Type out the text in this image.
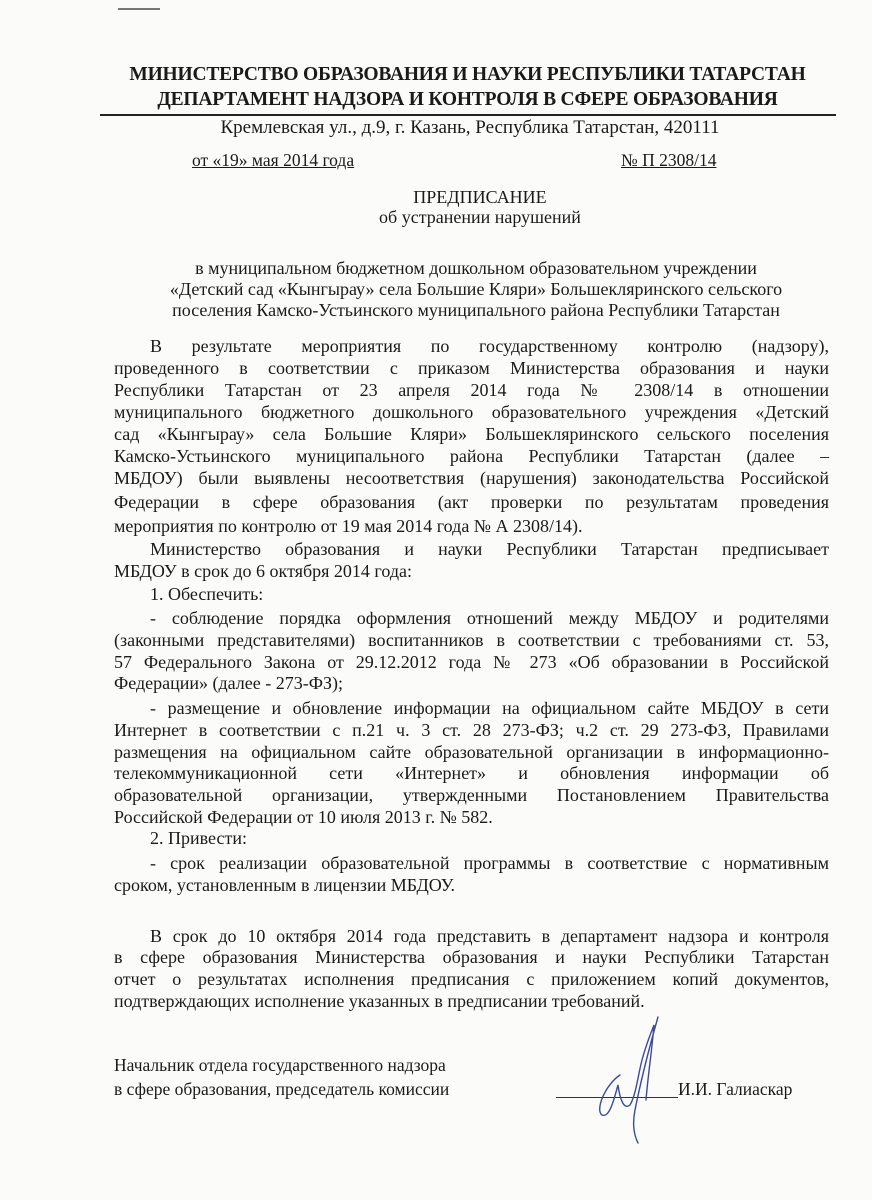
МИНИСТЕРСТВО ОБРАЗОВАНИЯ И НАУКИ РЕСПУБЛИКИ ТАТАРСТАН
ДЕПАРТАМЕНТ НАДЗОРА И КОНТРОЛЯ В СФЕРЕ ОБРАЗОВАНИЯ
Кремлевская ул., д.9, г. Казань, Республика Татарстан, 420111
от «19» мая 2014 года	№ П 2308/14
ПРЕДПИСАНИЕ
об устранении нарушений
в муниципальном бюджетном дошкольном образовательном учреждении
«Детский сад «Кынгырау» села Большие Кляри» Большекляринского сельского
поселения Камско-Устьинского муниципального района Республики Татарстан
В результате мероприятия по государственному контролю (надзору),
проведенного в соответствии с приказом Министерства образования и науки
Республики Татарстан от 23 апреля 2014 года № 2308/14 в отношении
муниципального бюджетного дошкольного образовательного учреждения «Детский
сад «Кынгырау» села Большие Кляри» Большекляринского сельского поселения
Камско-Устьинского муниципального района Республики Татарстан (далее –
МБДОУ) были выявлены несоответствия (нарушения) законодательства Российской
Федерации в сфере образования (акт проверки по результатам проведения
мероприятия по контролю от 19 мая 2014 года № А 2308/14).
Министерство образования и науки Республики Татарстан предписывает
МБДОУ в срок до 6 октября 2014 года:
1. Обеспечить:
- соблюдение порядка оформления отношений между МБДОУ и родителями
(законными представителями) воспитанников в соответствии с требованиями ст. 53,
57 Федерального Закона от 29.12.2012 года № 273 «Об образовании в Российской
Федерации» (далее - 273-ФЗ);
- размещение и обновление информации на официальном сайте МБДОУ в сети
Интернет в соответствии с п.21 ч. 3 ст. 28 273-ФЗ; ч.2 ст. 29 273-ФЗ, Правилами
размещения на официальном сайте образовательной организации в информационно-
телекоммуникационной сети «Интернет» и обновления информации об
образовательной организации, утвержденными Постановлением Правительства
Российской Федерации от 10 июля 2013 г. № 582.
2. Привести:
- срок реализации образовательной программы в соответствие с нормативным
сроком, установленным в лицензии МБДОУ.
В срок до 10 октября 2014 года представить в департамент надзора и контроля
в сфере образования Министерства образования и науки Республики Татарстан
отчет о результатах исполнения предписания с приложением копий документов,
подтверждающих исполнение указанных в предписании требований.
Начальник отдела государственного надзора
в сфере образования, председатель комиссии	И.И. Галиаскар
